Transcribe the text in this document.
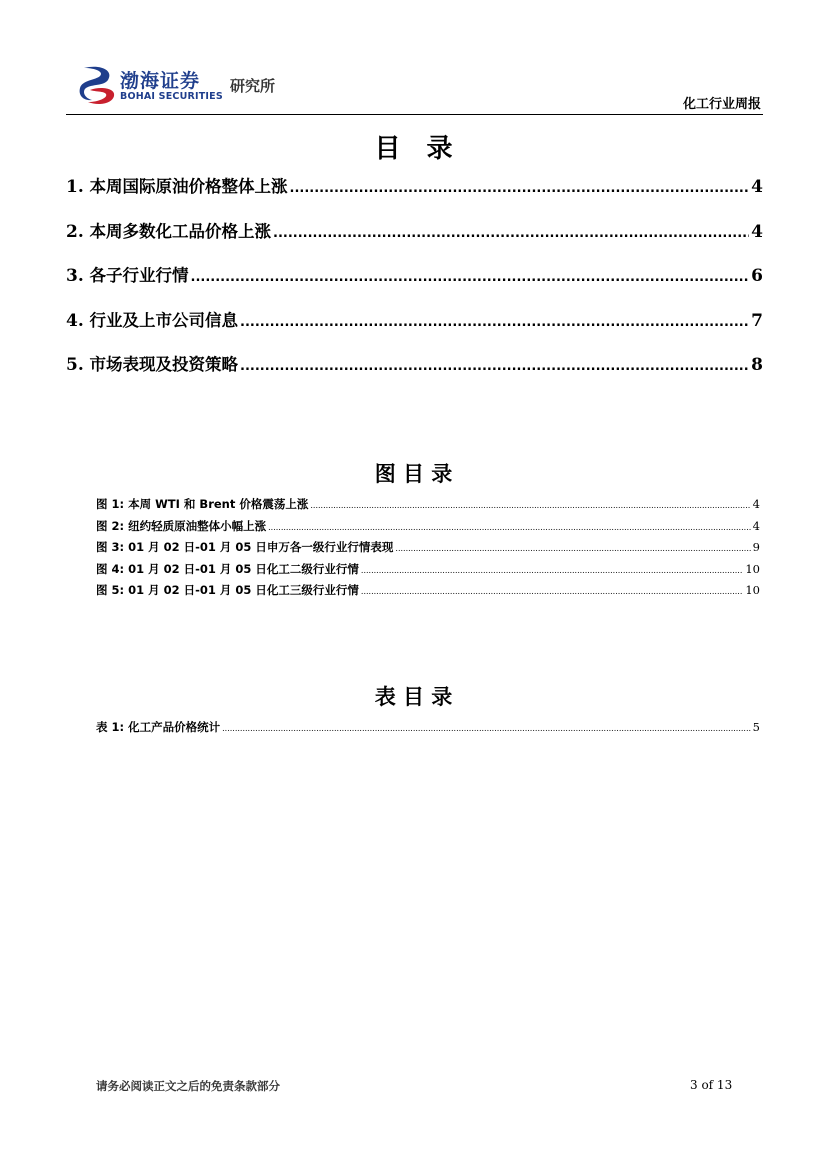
渤海证券
BOHAI SECURITIES
研究所
化工行业周报
目　录
1. 本周国际原油价格整体上涨 .....	4
2. 本周多数化工品价格上涨 .....	4
3. 各子行业行情 .....	6
4. 行业及上市公司信息 .....	7
5. 市场表现及投资策略 .....	8
图 目 录
图 1: 本周 WTI 和 Brent 价格震荡上涨 .....	4
图 2: 纽约轻质原油整体小幅上涨 .....	4
图 3: 01 月 02 日-01 月 05 日申万各一级行业行情表现 .....	9
图 4: 01 月 02 日-01 月 05 日化工二级行业行情 .....	10
图 5: 01 月 02 日-01 月 05 日化工三级行业行情 .....	10
表 目 录
表 1: 化工产品价格统计 .....	5
请务必阅读正文之后的免责条款部分	3 of 13
